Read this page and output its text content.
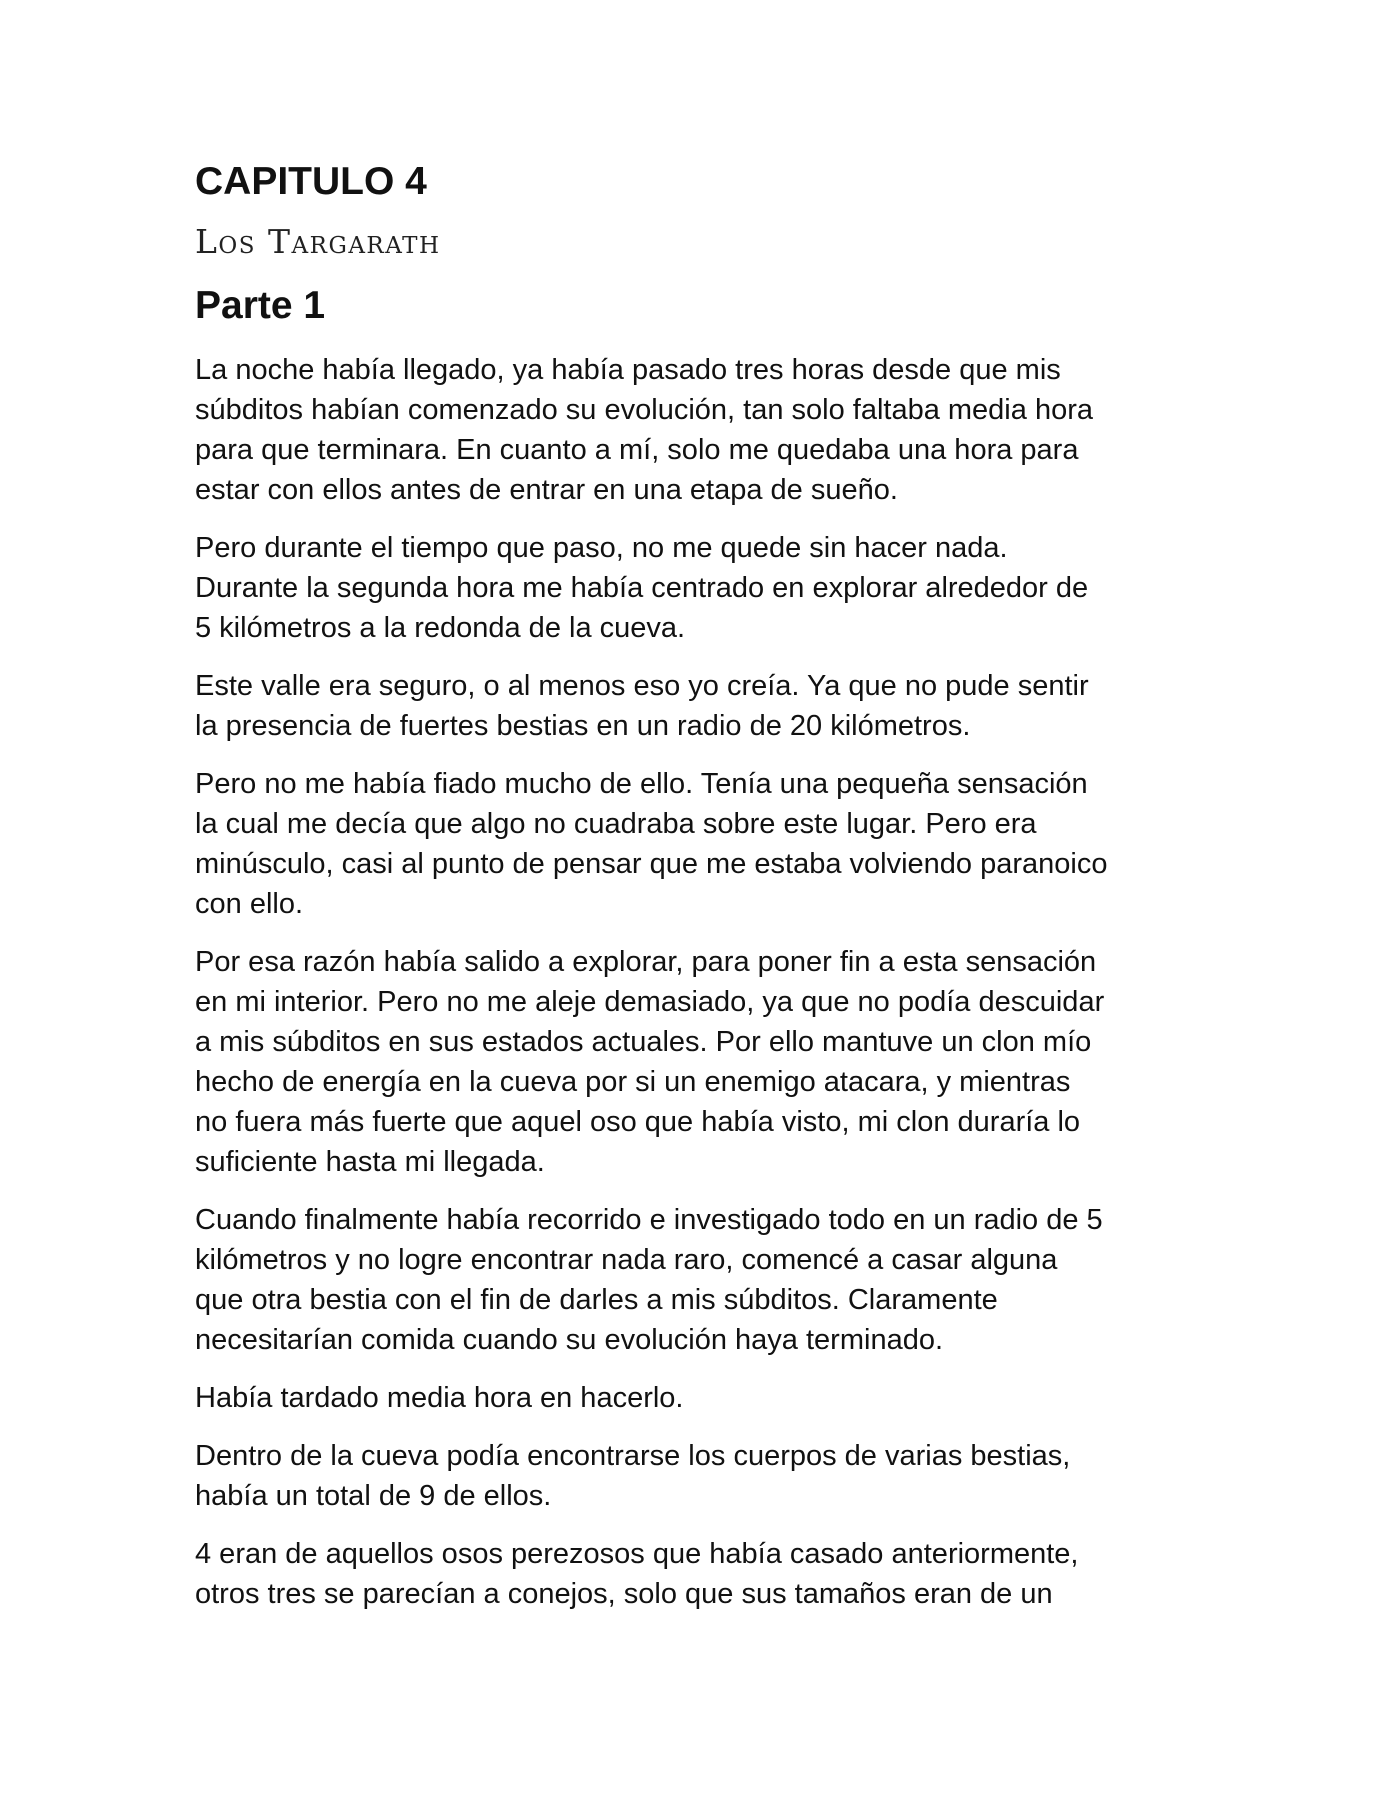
CAPITULO 4
Los Targarath
Parte 1

La noche había llegado, ya había pasado tres horas desde que mis
súbditos habían comenzado su evolución, tan solo faltaba media hora
para que terminara. En cuanto a mí, solo me quedaba una hora para
estar con ellos antes de entrar en una etapa de sueño.

Pero durante el tiempo que paso, no me quede sin hacer nada.
Durante la segunda hora me había centrado en explorar alrededor de
5 kilómetros a la redonda de la cueva.

Este valle era seguro, o al menos eso yo creía. Ya que no pude sentir
la presencia de fuertes bestias en un radio de 20 kilómetros.

Pero no me había fiado mucho de ello. Tenía una pequeña sensación
la cual me decía que algo no cuadraba sobre este lugar. Pero era
minúsculo, casi al punto de pensar que me estaba volviendo paranoico
con ello.

Por esa razón había salido a explorar, para poner fin a esta sensación
en mi interior. Pero no me aleje demasiado, ya que no podía descuidar
a mis súbditos en sus estados actuales. Por ello mantuve un clon mío
hecho de energía en la cueva por si un enemigo atacara, y mientras
no fuera más fuerte que aquel oso que había visto, mi clon duraría lo
suficiente hasta mi llegada.

Cuando finalmente había recorrido e investigado todo en un radio de 5
kilómetros y no logre encontrar nada raro, comencé a casar alguna
que otra bestia con el fin de darles a mis súbditos. Claramente
necesitarían comida cuando su evolución haya terminado.

Había tardado media hora en hacerlo.

Dentro de la cueva podía encontrarse los cuerpos de varias bestias,
había un total de 9 de ellos.

4 eran de aquellos osos perezosos que había casado anteriormente,
otros tres se parecían a conejos, solo que sus tamaños eran de un
